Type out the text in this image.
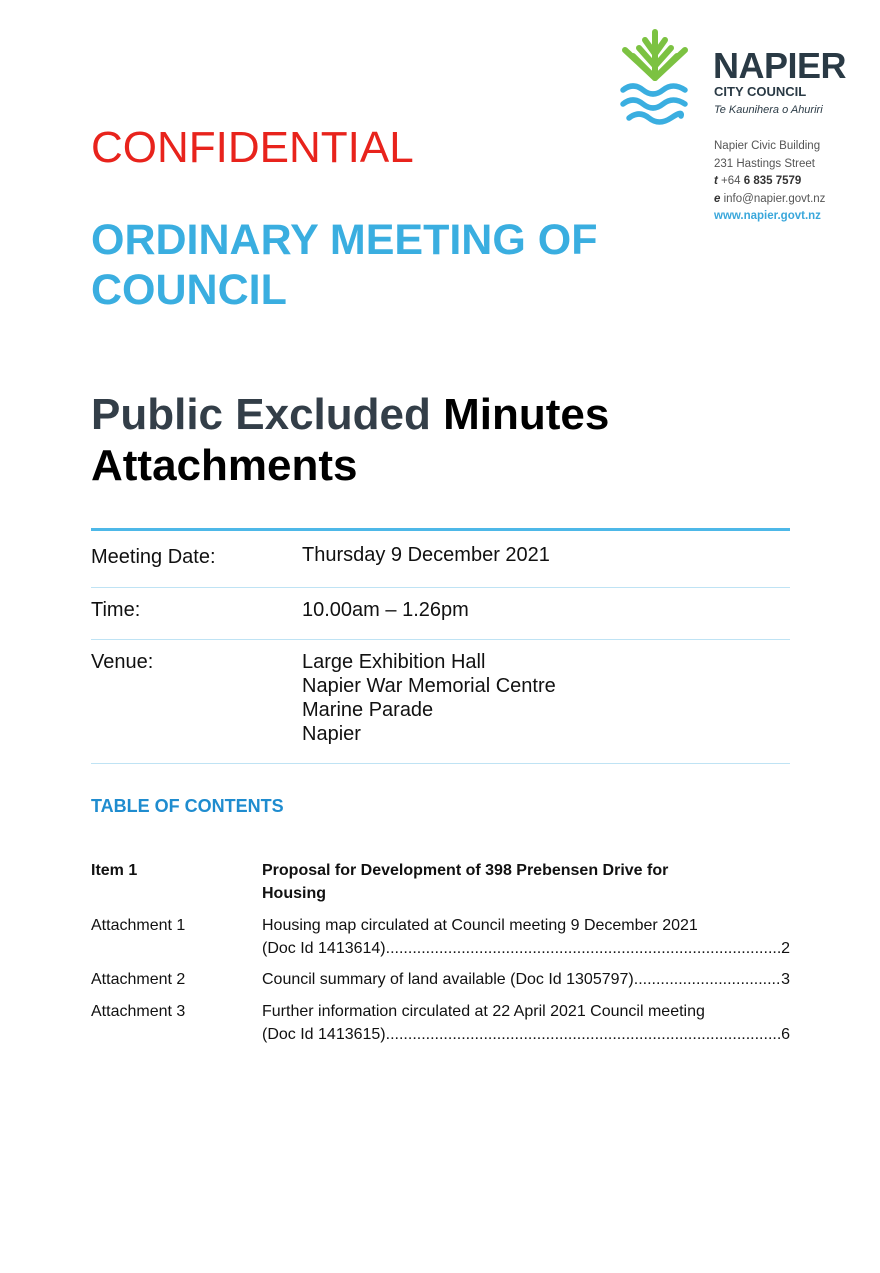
NAPIER
CITY COUNCIL
Te Kaunihera o Ahuriri
Napier Civic Building
231 Hastings Street
t +64 6 835 7579
e info@napier.govt.nz
www.napier.govt.nz
CONFIDENTIAL
ORDINARY MEETING OF COUNCIL
Public Excluded Minutes Attachments
Meeting Date:	Thursday 9 December 2021
Time:	10.00am – 1.26pm
Venue:	Large Exhibition Hall
Napier War Memorial Centre
Marine Parade
Napier
TABLE OF CONTENTS
Item 1	Proposal for Development of 398 Prebensen Drive for
Housing
Attachment 1	Housing map circulated at Council meeting 9 December 2021
(Doc Id 1413614) .....	2
Attachment 2	Council summary of land available (Doc Id 1305797) .....	3
Attachment 3	Further information circulated at 22 April 2021 Council meeting
(Doc Id 1413615) .....	6
